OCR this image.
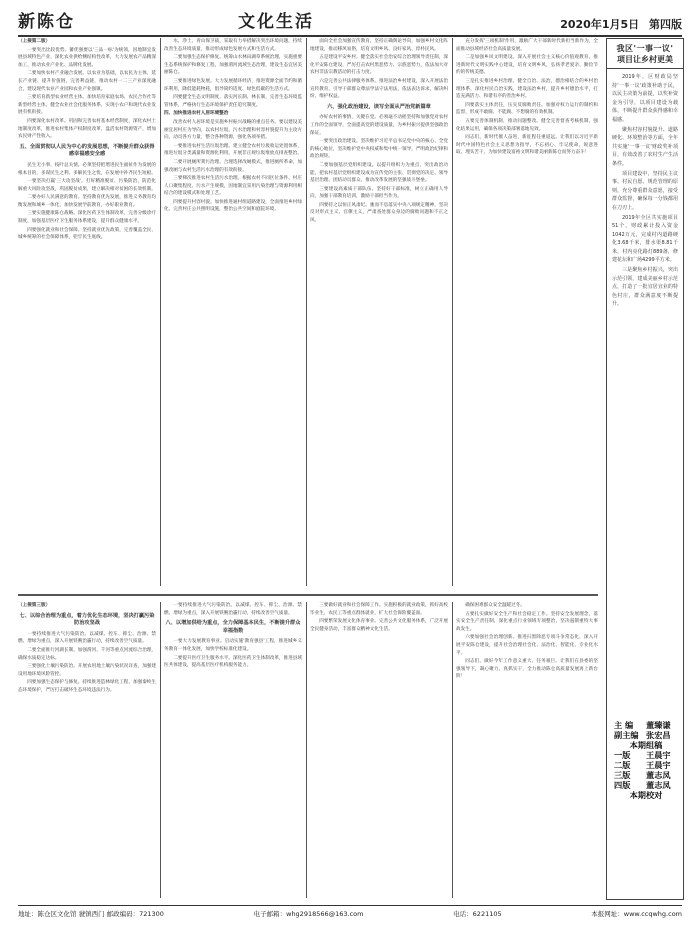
新陈仓	文化生活	2020年1月5日 第四版

（上接第二版）

一要突出比较优势。蓄优强要以'三品一标'为统领，因地制宜发展县域特色产业，深化农业供给侧结构性改革，大力发展农产品精深加工，推动农业产业化、品牌化发展。

二要加快农村产业融合发展。以农业为基础，以农民为主体，延长产业链、提升价值链、完善利益链，推动农村一二三产业深度融合，建设现代农业产业园和农业产业强镇。

三要培育新型农业经营主体。加快培育家庭农场、农民合作社等新型经营主体，健全农业社会化服务体系，实现小农户和现代农业发展有机衔接。

四要深化农村改革。巩固和完善农村基本经营制度，深化农村土地制度改革，推进农村集体产权制度改革，盘活农村资源资产，增加农民财产性收入。

五、全面贯彻以人民为中心的发展思想，不断提升群众获得感幸福感安全感

民生无小事，枝叶总关情。必须坚持把增进民生福祉作为发展的根本目的，多谋民生之利，多解民生之忧，在发展中补齐民生短板。

一要坚决打赢'三大攻坚战'。打好精准脱贫、污染防治、防范化解重大风险攻坚战，巩固脱贫成果，建立解决相对贫困的长效机制。

二要办好人民满意的教育。坚持教育优先发展，推进义务教育均衡发展和城乡一体化，加快发展学前教育，办好职业教育。

三要实施健康陈仓战略。深化医药卫生体制改革，完善分级诊疗制度，加强基层医疗卫生服务体系建设，提升群众健康水平。

四要强化就业和社会保障。坚持就业优先政策，完善覆盖全民、城乡统筹的社会保障体系，兜牢民生底线。

水、净土、青山保卫战，采取有力举措解决突出环境问题，持续改善生态环境质量，推动形成绿色发展方式和生活方式。

二要加强生态保护修复。统筹山水林田湖草系统治理，实施重要生态系统保护和修复工程，加强渭河流域生态治理，建设生态宜居美丽陈仓。

三要推进绿色发展。大力发展循环经济，推进资源全面节约和循环利用，降低能耗物耗，倡导简约适度、绿色低碳的生活方式。

四要健全生态文明制度。落实河长制、林长制，完善生态环境监管体系，严格执行生态环境保护责任追究制度。

四、加快推进农村人居环境整治

改善农村人居环境是实施乡村振兴战略的重点任务。要以建设美丽宜居村庄为导向，以农村垃圾、污水治理和村容村貌提升为主攻方向，动员各方力量，整合各种资源，强化各项举措。

一要推进农村生活垃圾治理。建立健全农村垃圾收运处置体系，推进垃圾分类减量和资源化利用，开展非正规垃圾堆放点排查整治。

二要开展厕所粪污治理。合理选择改厕模式，推进厕所革命，加强改厕与农村生活污水治理的有效衔接。

三要梯次推进农村生活污水治理。根据农村不同区位条件、村庄人口聚集程度、污水产生规模，因地制宜采用污染治理与资源利用相结合的建设模式和处理工艺。

四要提升村容村貌。加快推进通村组道路建设，全面推进乡村绿化，完善村庄公共照明设施，整治公共空间和庭院环境。

面向全社会加强宣传教育，坚持正确舆论导向，加强乡村文化阵地建设，推动移风易俗，培育文明乡风、良好家风、淳朴民风。

五是建设平安乡村。健全落实社会治安综合治理领导责任制，深化平安陈仓建设，严厉打击农村黑恶势力、宗族恶势力，依法加大对农村非法宗教活动的打击力度。

六是完善公共法律服务体系。推进法治乡村建设，深入开展法治宣传教育，引导干部群众尊法学法守法用法，依法表达诉求、解决纠纷、维护权益。

六、强化政治建设，读写全面从严治党新篇章

办好农村的事情，关键在党。必须毫不动摇坚持和加强党对农村工作的全面领导，全面提高党的建设质量，为乡村振兴提供坚强政治保证。

一要突出政治建设。坚决维护习近平总书记党中央的核心、全党的核心地位，坚决维护党中央权威和集中统一领导，严明政治纪律和政治规矩。

二要加强基层党组织建设。以提升组织力为重点，突出政治功能，把农村基层党组织建设成为宣传党的主张、贯彻党的决定、领导基层治理、团结动员群众、推动改革发展的坚强战斗堡垒。

三要建设高素质干部队伍。坚持好干部标准，树立正确用人导向，加强干部教育培训，激励干部担当作为。

四要持之以恒正风肃纪。驰而不息落实中央八项规定精神，坚决反对形式主义、官僚主义，严肃查处群众身边的腐败问题和不正之风。

充分发挥'三项机制'作用，激励广大干部新时代新担当新作为，全面推动县域经济社会高质量发展。

二是加强乡风文明建设。深入开展社会主义核心价值观教育，推进新时代文明实践中心建设，培育文明乡风，弘扬孝老爱亲、勤俭节约的传统美德。

三是扎实推进乡村治理。健全自治、法治、德治相结合的乡村治理体系，深化村民自治实践，建设法治乡村，提升乡村德治水平，打造充满活力、和谐有序的善治乡村。

四要落实主体责任，压实反腐败责任。加强对权力运行的制约和监督，形成不敢腐、不能腐、不想腐的有效机制。

五要完善体制机制，推动问题整改。健全完善督查考核机制，强化结果运用，确保各项决策部署落地见效。

同志们，新时代催人奋进，新征程任重道远。让我们以习近平新时代中国特色社会主义思想为指导，不忘初心、牢记使命，锐意进取、埋头苦干，为加快建设富裕文明和谐美丽新陈仓而努力奋斗！

（上接第三版）

七、以综合治理为重点，着力优化生态环境，坚决打赢污染防治攻坚战

一要持续推进大气污染防治。以减煤、控车、抑尘、治源、禁燃、增绿为重点，深入开展铁腕治霾行动，持续改善空气质量。

二要全面推行河湖长制。加强渭河、千河等重点河流综合治理，确保水质稳定达标。

三要强化土壤污染防治。开展农用地土壤污染状况详查，加强建设用地环境风险管控。

四要加强生态保护与修复。持续推进造林绿化工程，加强秦岭生态环境保护，严厉打击破坏生态环境违法行为。

一要持续推进大气污染防治。以减煤、控车、抑尘、治源、禁燃、增绿为重点，深入开展铁腕治霾行动，持续改善空气质量。

八、以增加供给为重点，全力保障基本民生，不断提升群众幸福指数

一要大力发展教育事业。启动实施'教育强县'工程，推进城乡义务教育一体化发展，加快学校标准化建设。

二要提升医疗卫生服务水平。深化医药卫生体制改革，推进县域医共体建设，提高基层医疗机构服务能力。

三要做好就业和社会保障工作。实施积极的就业政策，抓好高校毕业生、农民工等重点群体就业，扩大社会保险覆盖面。

四要繁荣发展文化体育事业。完善公共文化服务体系，广泛开展全民健身活动，丰富群众精神文化生活。

确保困难群众安全温暖过冬。

五要扎实做好安全生产和社会稳定工作。坚持安全发展理念，落实安全生产责任制，深化重点行业领域专项整治，坚决遏制重特大事故发生。

六要加强社会治理创新。推进扫黑除恶专项斗争常态化，深入开展平安陈仓建设，提升社会治理社会化、法治化、智能化、专业化水平。

同志们，做好今年工作意义重大、任务艰巨。让我们在县委的坚强领导下，凝心聚力、真抓实干，全力推动陈仓高质量发展再上新台阶！

我区'一事一议'
项目让乡村更美

2019年，区财政局坚持'一事一议'政策补助于民，以民主决策为前提，以奖补资金为引导，以项目建设为载体，不断提升群众获得感和幸福感。

聚焦村容村貌提升、道路硬化、环境整治等方面，全年共实施'一事一议'财政奖补项目，有效改善了农村生产生活条件。

项目建设中，坚持民主议事、村民自愿、规范管理的原则，充分尊重群众意愿，接受群众监督，确保每一分钱都用在刀刃上。

2019年全区共实施项目51个，财政累计投入资金1042万元，完成村内道路硬化3.68千米，排水渠8.81千米，村内亮化路灯889盏，修建花坛和广场4299平方米。

三是聚焦乡村振兴，突出示范引领，建成美丽乡村示范点，打造了一批宜居宜业的特色村庄，群众满意度不断提升。

主 编	董臻谦
副主编 张宏昌
本期组稿
一版	王晨宇
二版	王晨宇
三版	董志凤
四版	董志凤
本期校对
地址：陈仓区文化馆 虢镇西门 邮政编码：721300	电子邮箱：whg2918566@163.com	电话：6221105	本报网址：www.ccqwhg.com
